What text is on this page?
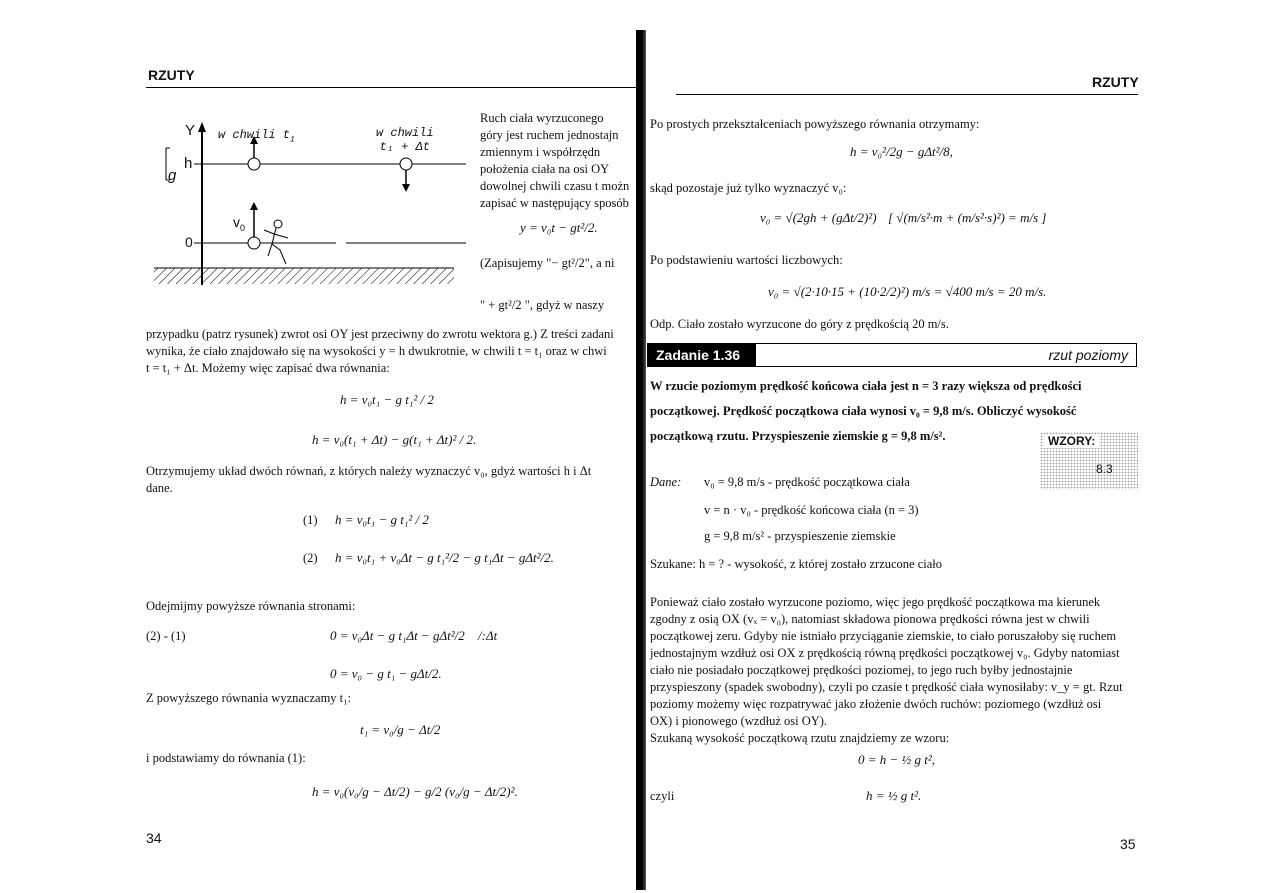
RZUTY
Y
h
g
0
$v_0$
w chwili $t_1$	w chwili
t₁ + Δt
Ruch ciała wyrzuconego
góry jest ruchem jednostajn
zmiennym i współrzędn
położenia ciała na osi OY
dowolnej chwili czasu t możn
zapisać w następujący sposób
y = v₀t − gt²/2.
(Zapisujemy "− gt²/2", a ni
" + gt²/2 ", gdyż w naszy
przypadku (patrz rysunek) zwrot osi OY jest przeciwny do zwrotu wektora g.) Z treści zadani
wynika, że ciało znajdowało się na wysokości y = h dwukrotnie, w chwili t = t₁ oraz w chwi
t = t₁ + Δt. Możemy więc zapisać dwa równania:
h = v₀t₁ − g t₁² / 2
h = v₀(t₁ + Δt) − g(t₁ + Δt)² / 2.
Otrzymujemy układ dwóch równań, z których należy wyznaczyć v₀, gdyż wartości h i Δt
dane.
(1) h = v₀t₁ − g t₁² / 2
(2) h = v₀t₁ + v₀Δt − g t₁²/2 − g t₁Δt − gΔt²/2.
Odejmijmy powyższe równania stronami:
(2) - (1)	0 = v₀Δt − g t₁Δt − gΔt²/2 /:Δt
0 = v₀ − g t₁ − gΔt/2.
Z powyższego równania wyznaczamy t₁:
t₁ = v₀/g − Δt/2
i podstawiamy do równania (1):
h = v₀(v₀/g − Δt/2) − g/2 (v₀/g − Δt/2)².
34
RZUTY
Po prostych przekształceniach powyższego równania otrzymamy:
h = v₀²/2g − gΔt²/8,
skąd pozostaje już tylko wyznaczyć v₀:
v₀ = √(2gh + (gΔt/2)²) [ √(m/s²·m + (m/s²·s)²) = m/s ]
Po podstawieniu wartości liczbowych:
v₀ = √(2·10·15 + (10·2/2)²) m/s = √400 m/s = 20 m/s.
Odp. Ciało zostało wyrzucone do góry z prędkością 20 m/s.
Zadanie 1.36	rzut poziomy
W rzucie poziomym prędkość końcowa ciała jest n = 3 razy większa od prędkości
początkowej. Prędkość początkowa ciała wynosi v₀ = 9,8 m/s. Obliczyć wysokość
początkową rzutu. Przyspieszenie ziemskie g = 9,8 m/s².	WZORY:
8.3
Dane: v₀ = 9,8 m/s - prędkość początkowa ciała
v = n · v₀ - prędkość końcowa ciała (n = 3)
g = 9,8 m/s² - przyspieszenie ziemskie
Szukane: h = ? - wysokość, z której zostało zrzucone ciało
Ponieważ ciało zostało wyrzucone poziomo, więc jego prędkość początkowa ma kierunek
zgodny z osią OX (vₓ = v₀), natomiast składowa pionowa prędkości równa jest w chwili
początkowej zeru. Gdyby nie istniało przyciąganie ziemskie, to ciało poruszałoby się ruchem
jednostajnym wzdłuż osi OX z prędkością równą prędkości początkowej v₀. Gdyby natomiast
ciało nie posiadało początkowej prędkości poziomej, to jego ruch byłby jednostajnie
przyspieszony (spadek swobodny), czyli po czasie t prędkość ciała wynosiłaby: v_y = gt. Rzut
poziomy możemy więc rozpatrywać jako złożenie dwóch ruchów: poziomego (wzdłuż osi
OX) i pionowego (wzdłuż osi OY).
Szukaną wysokość początkową rzutu znajdziemy ze wzoru:
0 = h − ½ g t²,
czyli	h = ½ g t².
35
